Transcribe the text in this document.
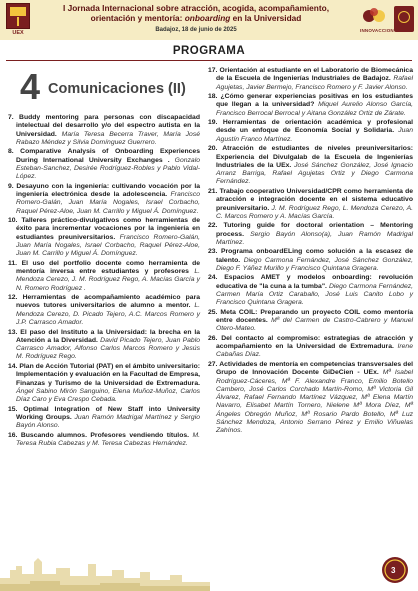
UEX
I Jornada Internacional sobre atracción, acogida, acompañamiento,
orientación y mentoría: onboarding en la Universidad
Badajoz, 18 de junio de 2025	INNOVACCION
PROGRAMA
4 Comunicaciones (II)
7. Buddy mentoring para personas con discapacidad intelectual del desarrollo y/o del espectro autista en la Universidad. María Teresa Becerra Traver, María José Rabazo Méndez y Silvia Domínguez Guerrero.
8. Comparative Analysis of Onboarding Experiences During International University Exchanges . Gonzalo Esteban-Sanchez, Desirée Rodríguez-Robles y Pablo Vidal-López.
9. Desayuno con la ingeniería: cultivando vocación por la ingeniería electrónica desde la adolescencia. Francisco Romero-Galán, Juan María Nogales, Israel Corbacho, Raquel Pérez-Aloe, Juan M. Carrillo y Miguel Á. Domínguez.
10. Talleres práctico-divulgativos como herramientas de éxito para incrementar vocaciones por la ingeniería en estudiantes preuniversitarios. Francisco Romero-Galán, Juan María Nogales, Israel Corbacho, Raquel Pérez-Aloe, Juan M. Carrillo y Miguel Á. Domínguez.
11. El uso del portfolio docente como herramienta de mentoría inversa entre estudiantes y profesores L. Mendoza Cerezo, J. M. Rodríguez Rego, A. Macías García y N. Romero Rodríguez .
12. Herramientas de acompañamiento académico para nuevos tutores universitarios de alumno a mentor. L. Mendoza Cerezo, D. Picado Tejero, A.C. Marcos Romero y J.P. Carrasco Amador.
13. El paso del Instituto a la Universidad: la brecha en la Atención a la Diversidad. David Picado Tejero, Juan Pablo Carrasco Amador, Alfonso Carlos Marcos Romero y Jesús M. Rodríguez Rego.
14. Plan de Acción Tutorial (PAT) en el ámbito universitario: Implementación y evaluación en la Facultad de Empresa, Finanzas y Turismo de la Universidad de Extremadura. Ángel Sabino Mirón Sanguino, Elena Muñoz-Muñoz, Carlos Díaz Caro y Eva Crespo Cebada.
15. Optimal Integration of New Staff into University Working Groups. Juan Ramón Madrigal Martínez y Sergio Bayón Alonso.
16. Buscando alumnos. Profesores vendiendo títulos. M. Teresa Rubia Cabezas y M. Teresa Cabezas Hernández.
17. Orientación al estudiante en el Laboratorio de Biomecánica de la Escuela de Ingenierías Industriales de Badajoz. Rafael Agujetas, Javier Bermejo, Francisco Romero y F. Javier Alonso.
18. ¿Cómo generar experiencias positivas en los estudiantes que llegan a la universidad? Miquel Aurelio Alonso García, Francisco Berrocal Berrocal y Aitana González Ortiz de Zárate.
19. Herramientas de orientación académica y profesional desde un enfoque de Economía Social y Solidaria. Juan Agustín Franco Martínez.
20. Atracción de estudiantes de niveles preuniversitarios: Experiencia del Divulgalab de la Escuela de Ingenierías Industriales de la UEx. José Sánchez González, José Ignacio Arranz Barriga, Rafael Agujetas Ortiz y Diego Carmona Fernández.
21. Trabajo cooperativo Universidad/CPR como herramienta de atracción e integración docente en el sistema educativo preuniversitario. J. M. Rodríguez Rego, L. Mendoza Cerezo, A. C. Marcos Romero y A. Macías García.
22. Tutoring guide for doctoral orientation – Mentoring process. Sergio Bayón Alonso(a), Juan Ramón Madrigal Martínez.
23. Programa onboardELing como solución a la escasez de talento. Diego Carmona Fernández, José Sánchez González, Diego F. Yáñez Murillo y Francisco Quintana Gragera.
24. Espacios AMET y modelos onboarding: revolución educativa de "la cuna a la tumba". Diego Carmona Fernández, Carmen María Ortiz Caraballo, José Luis Canito Lobo y Francisco Quintana Gragera.
25. Meta COIL: Preparando un proyecto COIL como mentoría entre docentes. Mª del Carmen de Castro-Cabrero y Manuel Otero-Mateo.
26. Del contacto al compromiso: estrategias de atracción y acompañamiento en la Universidad de Extremadura. Irene Cabañas Díaz.
27. Actividades de mentoría en competencias transversales del Grupo de Innovación Docente GiDeCien - UEx. Mª Isabel Rodríguez-Cáceres, Mª F. Alexandre Franco, Emilio Botello Cambero, José Carlos Corchado Martín-Romo, Mª Victoria Gil Álvarez, Rafael Fernando Martínez Vázquez, Mª Elena Martín Navarro, Elisabet Martín Tornero, Nielene Mª Mora Díez, Mª Ángeles Obregón Muñoz, Mª Rosario Pardo Botello, Mª Luz Sánchez Mendoza, Antonio Serrano Pérez y Emilio Viñuelas Zahínos.
3
